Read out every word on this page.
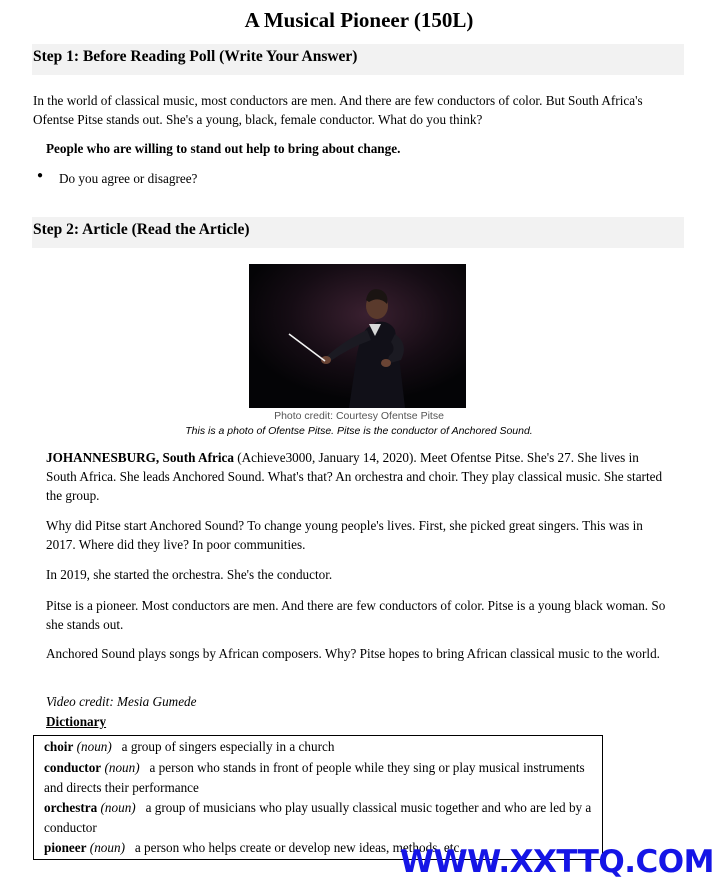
A Musical Pioneer (150L)
Step 1: Before Reading Poll (Write Your Answer)

In the world of classical music, most conductors are men. And there are few conductors of color. But South Africa's Ofentse Pitse stands out. She's a young, black, female conductor. What do you think?

People who are willing to stand out help to bring about change.

● Do you agree or disagree?

Step 2: Article (Read the Article)
Photo credit: Courtesy Ofentse Pitse
This is a photo of Ofentse Pitse. Pitse is the conductor of Anchored Sound.

JOHANNESBURG, South Africa (Achieve3000, January 14, 2020). Meet Ofentse Pitse. She's 27. She lives in South Africa. She leads Anchored Sound. What's that? An orchestra and choir. They play classical music. She started the group.

Why did Pitse start Anchored Sound? To change young people's lives. First, she picked great singers. This was in 2017. Where did they live? In poor communities.

In 2019, she started the orchestra. She's the conductor.

Pitse is a pioneer. Most conductors are men. And there are few conductors of color. Pitse is a young black woman. So she stands out.

Anchored Sound plays songs by African composers. Why? Pitse hopes to bring African classical music to the world.

Video credit: Mesia Gumede

Dictionary

choir (noun) a group of singers especially in a church
conductor (noun) a person who stands in front of people while they sing or play musical instruments and directs their performance
orchestra (noun) a group of musicians who play usually classical music together and who are led by a conductor
pioneer (noun) a person who helps create or develop new ideas, methods, etc.
WWW.XXTTQ.COM
